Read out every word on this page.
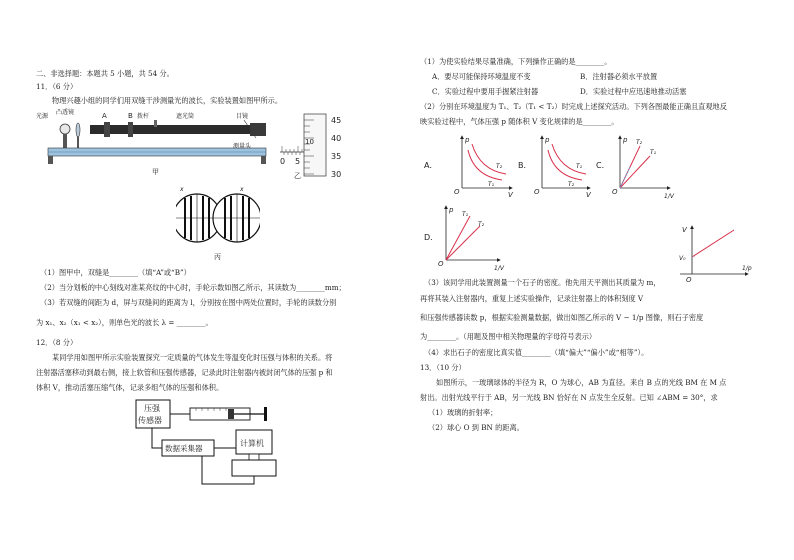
二、非选择题：本题共 5 小题，共 54 分。
11．（6 分）
物理兴趣小组的同学们用双缝干涉测量光的波长，实验装置如图甲所示。
光源
凸透镜	A	B 拨杆	遮光筒	目镜
测量头
甲
0 5
10
45
40
35
30
乙
x	x
丙
（1）图甲中，双缝是________（填“A”或“B”）
（2）当分划板的中心刻线对准某亮纹的中心时，手轮示数如图乙所示，其读数为________mm；
（3）若双缝的间距为 d，屏与双缝间的距离为 l，分别按在图中两处位置时，手轮的读数分别
为 x₁、x₂（x₁ < x₂），则单色光的波长 λ = ________。
12．（8 分）
某同学用如图甲所示实验装置探究一定质量的气体发生等温变化时压强与体积的关系。将
注射器活塞移动到最右侧，接上软管和压强传感器，记录此时注射器内被封闭气体的压强 p 和
体积 V，推动活塞压缩气体，记录多组气体的压强和体积。
压强
传感器
数据采集器
计算机
（1）为使实验结果尽量准确，下列操作正确的是________。
A．要尽可能保持环境温度不变	B．注射器必须水平放置
C．实验过程中要用手握紧注射器	D．实验过程中应迅速地推动活塞
（2）分别在环境温度为 T₁、T₂（T₁ < T₂）时完成上述探究活动。下列各图最能正确且直观地反
映实验过程中，气体压强 p 随体积 V 变化规律的是________。
A．
p
V
O
T₁
T₂ B．
p
V
O
T₁
T₂
C．
p
1/V
O
T₂
T₁
D．
p
1/V
O
T₁
T₂
V
V₀
O
1/p
（3）该同学用此装置测量一个石子的密度。他先用天平测出其质量为 m，
再将其装入注射器内，重复上述实验操作，记录注射器上的体积刻度 V
和压强传感器读数 p，根据实验测量数据，做出如图乙所示的 V − 1/p 图像，则石子密度
为________。（用题及图中相关物理量的字母符号表示）
（4）求出石子的密度比真实值________（填“偏大”“偏小”或“相等”）。
13．（10 分）
如图所示，一玻璃球体的半径为 R，O 为球心，AB 为直径。来自 B 点的光线 BM 在 M 点
射出。出射光线平行于 AB，另一光线 BN 恰好在 N 点发生全反射。已知 ∠ABM = 30°，求
（1）玻璃的折射率；
（2）球心 O 到 BN 的距离。
